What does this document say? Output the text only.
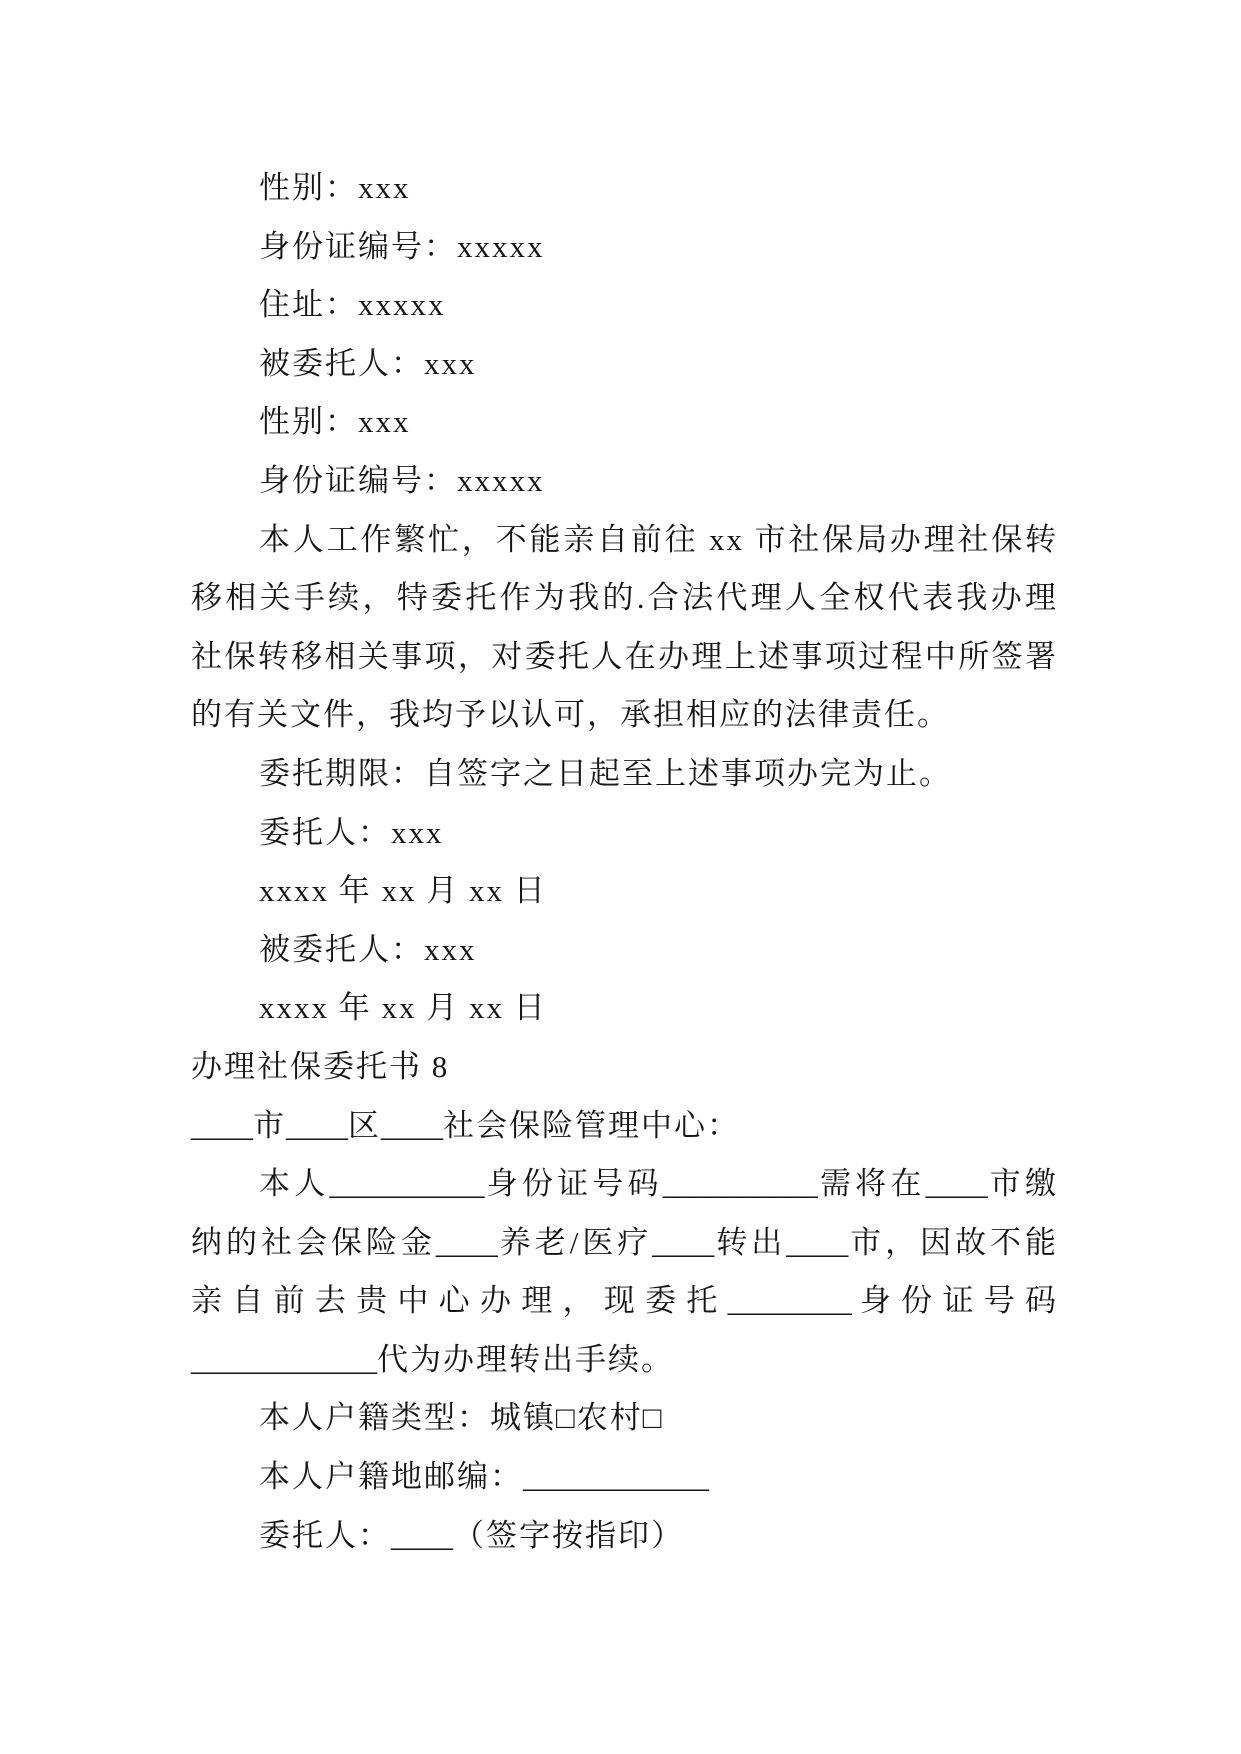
性别：xxx
身份证编号：xxxxx
住址：xxxxx
被委托人：xxx
性别：xxx
身份证编号：xxxxx
本人工作繁忙，不能亲自前往 xx 市社保局办理社保转
移相关手续，特委托作为我的.合法代理人全权代表我办理
社保转移相关事项，对委托人在办理上述事项过程中所签署
的有关文件，我均予以认可，承担相应的法律责任。
委托期限：自签字之日起至上述事项办完为止。
委托人：xxx
xxxx 年 xx 月 xx 日
被委托人：xxx
xxxx 年 xx 月 xx 日
办理社保委托书 8
____市____区____社会保险管理中心：
本人__________身份证号码__________需将在____市缴
纳的社会保险金____养老/医疗____转出____市，因故不能
亲自前去贵中心办理，现委托________身份证号码
____________代为办理转出手续。
本人户籍类型：城镇□农村□
本人户籍地邮编：____________
委托人：____（签字按指印）
